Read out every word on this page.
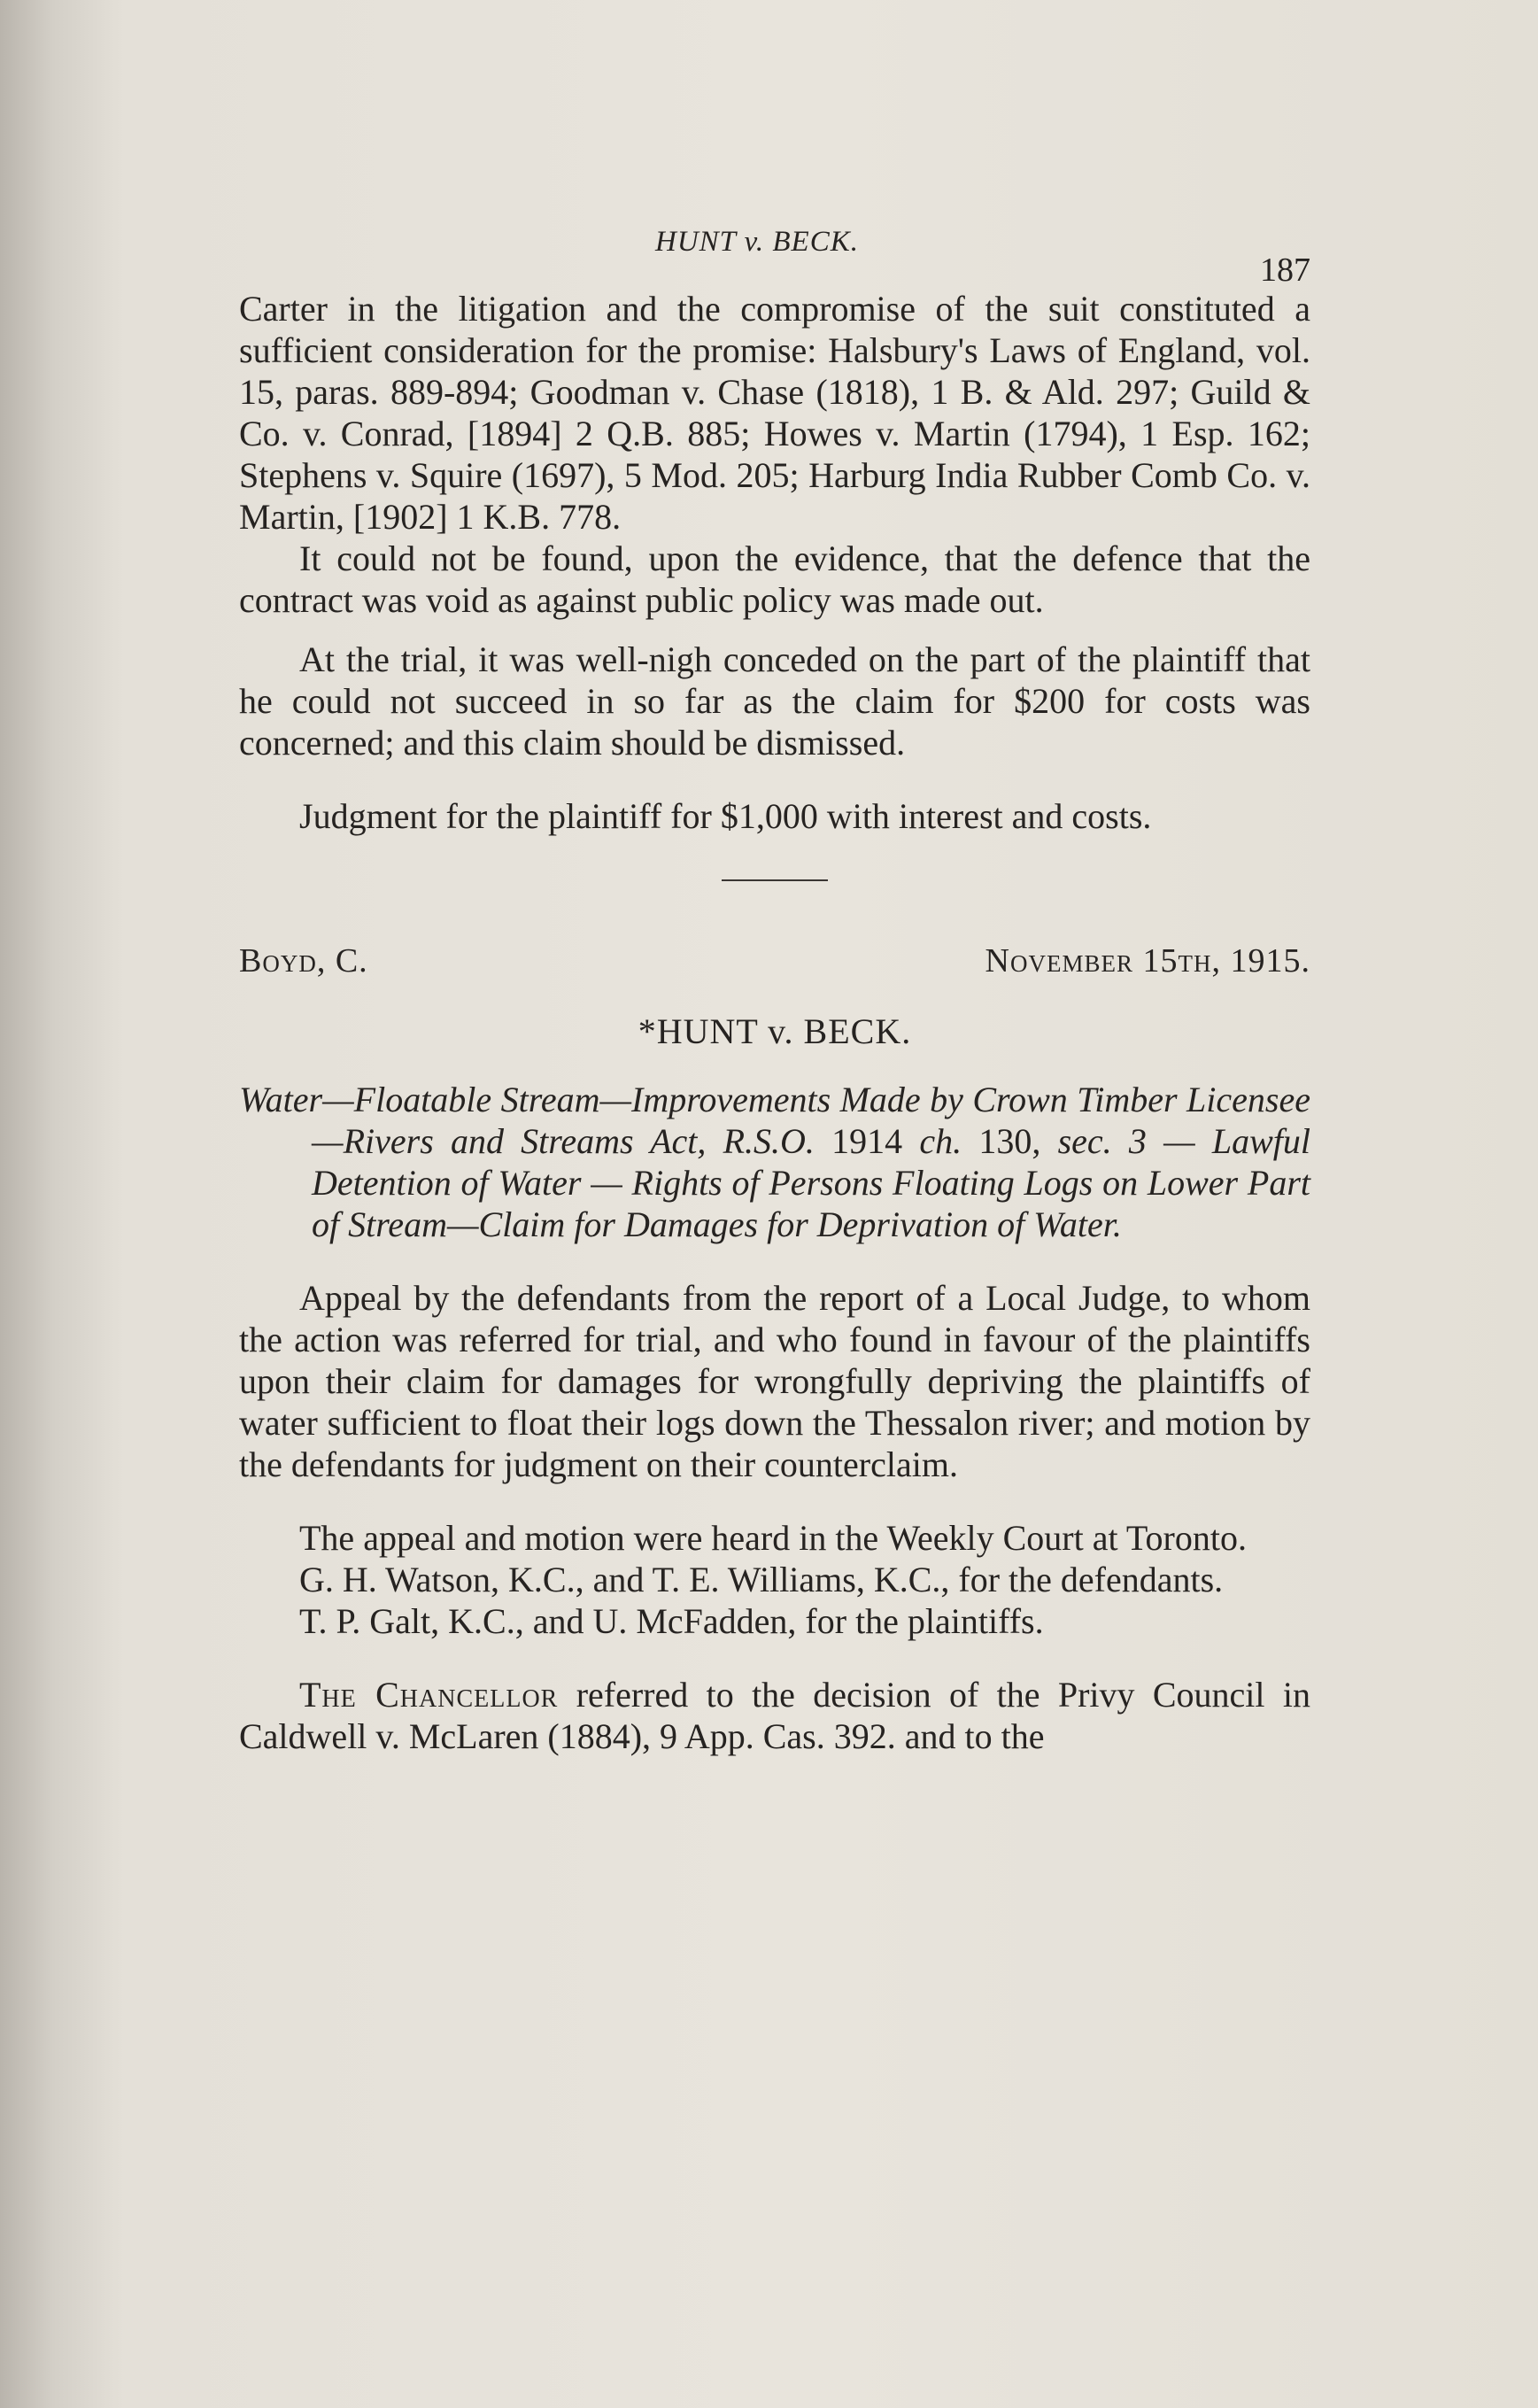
HUNT v. BECK.
187

Carter in the litigation and the compromise of the suit constituted a sufficient consideration for the promise: Halsbury's Laws of England, vol. 15, paras. 889-894; Goodman v. Chase (1818), 1 B. & Ald. 297; Guild & Co. v. Conrad, [1894] 2 Q.B. 885; Howes v. Martin (1794), 1 Esp. 162; Stephens v. Squire (1697), 5 Mod. 205; Harburg India Rubber Comb Co. v. Martin, [1902] 1 K.B. 778.

It could not be found, upon the evidence, that the defence that the contract was void as against public policy was made out.

At the trial, it was well-nigh conceded on the part of the plaintiff that he could not succeed in so far as the claim for $200 for costs was concerned; and this claim should be dismissed.

Judgment for the plaintiff for $1,000 with interest and costs.

Boyd, C.	November 15th, 1915.
*HUNT v. BECK.
Water—Floatable Stream—Improvements Made by Crown Timber Licensee—Rivers and Streams Act, R.S.O. 1914 ch. 130, sec. 3 — Lawful Detention of Water — Rights of Persons Floating Logs on Lower Part of Stream—Claim for Damages for Deprivation of Water.

Appeal by the defendants from the report of a Local Judge, to whom the action was referred for trial, and who found in favour of the plaintiffs upon their claim for damages for wrongfully depriving the plaintiffs of water sufficient to float their logs down the Thessalon river; and motion by the defendants for judgment on their counterclaim.

The appeal and motion were heard in the Weekly Court at Toronto.

G. H. Watson, K.C., and T. E. Williams, K.C., for the defendants.

T. P. Galt, K.C., and U. McFadden, for the plaintiffs.

The Chancellor referred to the decision of the Privy Council in Caldwell v. McLaren (1884), 9 App. Cas. 392. and to the
